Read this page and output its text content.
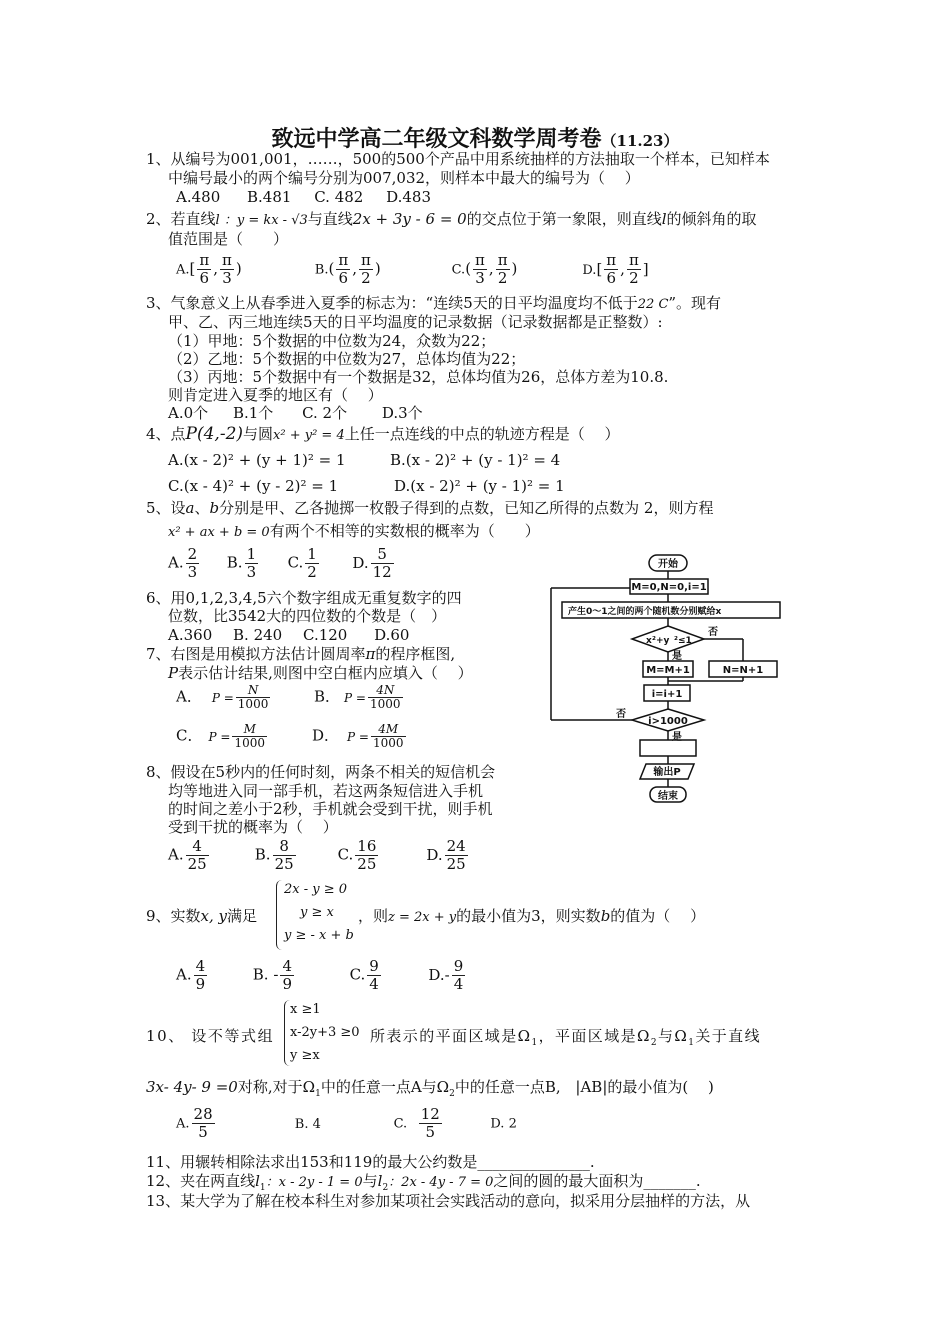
致远中学高二年级文科数学周考卷（11.23）
1、从编号为001,001，……，500的500个产品中用系统抽样的方法抽取一个样本，已知样本
中编号最小的两个编号分别为007,032，则样本中最大的编号为（　 ）
A.480 B.481 C. 482 D.483
2、若直线l ：y = kx - √3与直线2x + 3y - 6 = 0的交点位于第一象限，则直线l的倾斜角的取
值范围是（　　）
$A.[ \frac{\pi}{6}$ , $\frac{\pi}{3}$ )	$B.( \frac{\pi}{6}$ , $\frac{\pi}{2}$ )	$C.( \frac{\pi}{3}$ , $\frac{\pi}{2}$ )	$D.[ \frac{\pi}{6}$ , $\frac{\pi}{2}$ ]
3、气象意义上从春季进入夏季的标志为：“连续5天的日平均温度均不低于22 C”。现有
甲、乙、丙三地连续5天的日平均温度的记录数据（记录数据都是正整数）:
（1）甲地：5个数据的中位数为24，众数为22；
（2）乙地：5个数据的中位数为27，总体均值为22；
（3）丙地：5个数据中有一个数据是32，总体均值为26，总体方差为10.8.
则肯定进入夏季的地区有（　 ）
A.0个 B.1个 C. 2个 D.3个
4、点P(4,-2)与圆x² + y² = 4上任一点连线的中点的轨迹方程是（　 ）
A.(x - 2)² + (y + 1)² = 1	B.(x - 2)² + (y - 1)² = 4
C.(x - 4)² + (y - 2)² = 1	D.(x - 2)² + (y - 1)² = 1
5、设a、b分别是甲、乙各抛掷一枚骰子得到的点数，已知乙所得的点数为 2，则方程
x² + ax + b = 0有两个不相等的实数根的概率为（　　）
A. $\frac{2}{3} B$. $\frac{1}{3} C$. $\frac{1}{2} D$. $\frac{5}{12}$
6、用0,1,2,3,4,5六个数字组成无重复数字的四
位数，比3542大的四位数的个数是（　）
A.360 B. 240 C.120 D.60
7、右图是用模拟方法估计圆周率π的程序框图,
P表示估计结果,则图中空白框内应填入（　 ）
A． $P = \frac{N}{1000}$	B． $P = \frac{4N}{1000}$
C． $P = \frac{M}{1000}$	D． $P = \frac{4M}{1000}$
开始
M=0,N=0,i=1
产生0～1之间的两个随机数分别赋给x
x ²+y ²≤1
否
是
M=M+1	N=N+1
i=i+1
i>1000
否
是
输出P
结束
8、假设在5秒内的任何时刻，两条不相关的短信机会
均等地进入同一部手机，若这两条短信进入手机
的时间之差小于2秒，手机就会受到干扰，则手机
受到干扰的概率为（　 ）
A. $\frac{4}{25}$	B. $\frac{8}{25}$	C. $\frac{16}{25}$	D. $\frac{24}{25}$
9、实数x, y满足
2x - y ≥ 0
y ≥ x
y ≥ - x + b
，则z = 2x + y的最小值为3，则实数b的值为（　 ）
A. $\frac{4}{9}$	B. - $\frac{4}{9}$	C. $\frac{9}{4}$	$D.- \frac{9}{4}$
10、 设不等式组
x ≥1
x-2y+3 ≥0
y ≥x
所表示的平面区域是$\Omega_1$，平面区域是$\Omega_2$与$\Omega_1$关于直线
3x- 4y- 9 =0对称,对于$\Omega_1$中的任意一点A与$\Omega_2$中的任意一点B, |AB|的最小值为(　 )
A. $\frac{28}{5}$	B. 4	C. $\frac{12}{5}$	D. 2
11、用辗转相除法求出153和119的最大公约数是_______________.
12、夹在两直线$l_1$：x - 2y - 1 = 0与$l_2$：2x - 4y - 7 = 0之间的圆的最大面积为_______.
13、某大学为了解在校本科生对参加某项社会实践活动的意向，拟采用分层抽样的方法，从
